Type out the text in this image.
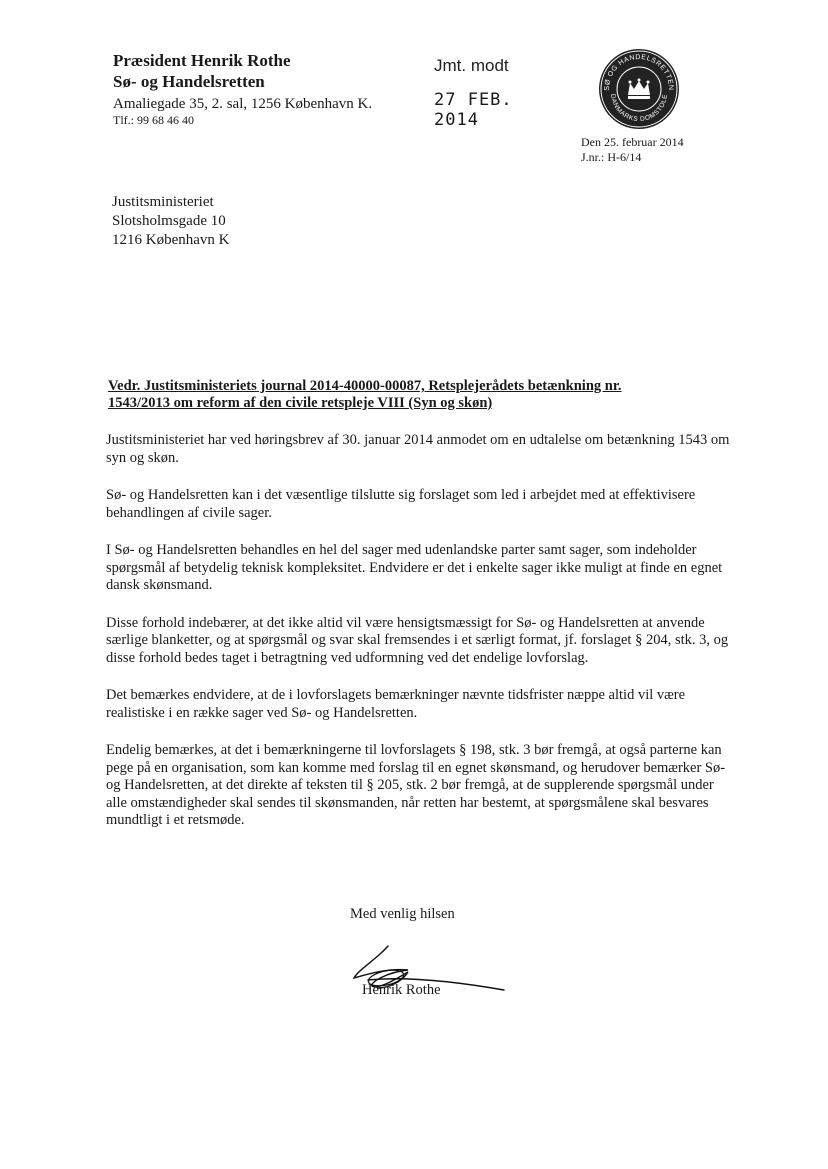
Præsident Henrik Rothe
Sø- og Handelsretten
Amaliegade 35, 2. sal, 1256 København K.
Tlf.: 99 68 46 40
Jmt. modt
27 FEB. 2014
SØ OG HANDELSRETTEN
DANMARKS DOMSTOLE
Den 25. februar 2014
J.nr.: H-6/14
Justitsministeriet
Slotsholmsgade 10
1216 København K
Vedr. Justitsministeriets journal 2014-40000-00087, Retsplejerådets betænkning nr.
1543/2013 om reform af den civile retspleje VIII (Syn og skøn)

Justitsministeriet har ved høringsbrev af 30. januar 2014 anmodet om en udtalelse om betænkning 1543 om syn og skøn.

Sø- og Handelsretten kan i det væsentlige tilslutte sig forslaget som led i arbejdet med at effektivisere behandlingen af civile sager.

I Sø- og Handelsretten behandles en hel del sager med udenlandske parter samt sager, som indeholder spørgsmål af betydelig teknisk kompleksitet. Endvidere er det i enkelte sager ikke muligt at finde en egnet dansk skønsmand.

Disse forhold indebærer, at det ikke altid vil være hensigtsmæssigt for Sø- og Handelsretten at anvende særlige blanketter, og at spørgsmål og svar skal fremsendes i et særligt format, jf. forslaget § 204, stk. 3, og disse forhold bedes taget i betragtning ved udformning ved det endelige lovforslag.

Det bemærkes endvidere, at de i lovforslagets bemærkninger nævnte tidsfrister næppe altid vil være realistiske i en række sager ved Sø- og Handelsretten.

Endelig bemærkes, at det i bemærkningerne til lovforslagets § 198, stk. 3 bør fremgå, at også parterne kan pege på en organisation, som kan komme med forslag til en egnet skønsmand, og herudover bemærker Sø- og Handelsretten, at det direkte af teksten til § 205, stk. 2 bør fremgå, at de supplerende spørgsmål under alle omstændigheder skal sendes til skønsmanden, når retten har bestemt, at spørgsmålene skal besvares mundtligt i et retsmøde.

Med venlig hilsen
Henrik Rothe
